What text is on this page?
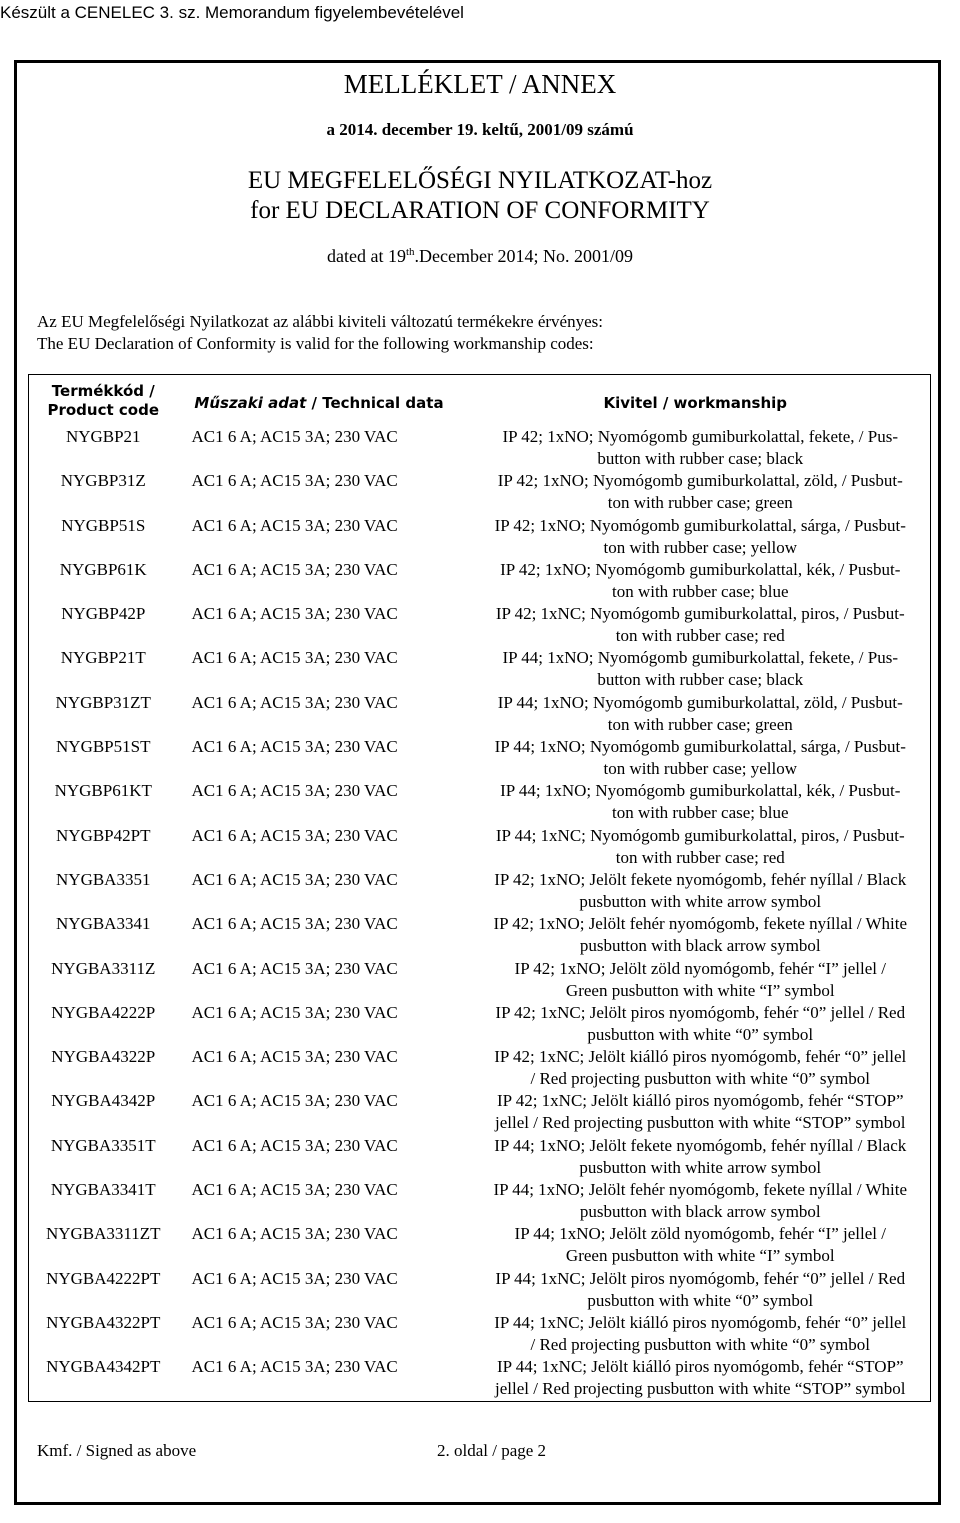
Készült a CENELEC 3. sz. Memorandum figyelembevételével
MELLÉKLET / ANNEX
a 2014. december 19. keltű, 2001/09 számú
EU MEGFELELŐSÉGI NYILATKOZAT-hoz
for EU DECLARATION OF CONFORMITY
dated at 19th.December 2014; No. 2001/09
Az EU Megfelelőségi Nyilatkozat az alábbi kiviteli változatú termékekre érvényes:
The EU Declaration of Conformity is valid for the following workmanship codes:
Termékkód /
Product code	Műszaki adat / Technical data	Kivitel / workmanship
NYGBP21	AC1 6 A; AC15 3A; 230 VAC	IP 42; 1xNO; Nyomógomb gumiburkolattal, fekete, / Pus-
button with rubber case; black

NYGBP31Z	AC1 6 A; AC15 3A; 230 VAC	IP 42; 1xNO; Nyomógomb gumiburkolattal, zöld, / Pusbut-
ton with rubber case; green

NYGBP51S	AC1 6 A; AC15 3A; 230 VAC	IP 42; 1xNO; Nyomógomb gumiburkolattal, sárga, / Pusbut-
ton with rubber case; yellow

NYGBP61K	AC1 6 A; AC15 3A; 230 VAC	IP 42; 1xNO; Nyomógomb gumiburkolattal, kék, / Pusbut-
ton with rubber case; blue

NYGBP42P	AC1 6 A; AC15 3A; 230 VAC	IP 42; 1xNC; Nyomógomb gumiburkolattal, piros, / Pusbut-
ton with rubber case; red

NYGBP21T	AC1 6 A; AC15 3A; 230 VAC	IP 44; 1xNO; Nyomógomb gumiburkolattal, fekete, / Pus-
button with rubber case; black

NYGBP31ZT	AC1 6 A; AC15 3A; 230 VAC	IP 44; 1xNO; Nyomógomb gumiburkolattal, zöld, / Pusbut-
ton with rubber case; green

NYGBP51ST	AC1 6 A; AC15 3A; 230 VAC	IP 44; 1xNO; Nyomógomb gumiburkolattal, sárga, / Pusbut-
ton with rubber case; yellow

NYGBP61KT	AC1 6 A; AC15 3A; 230 VAC	IP 44; 1xNO; Nyomógomb gumiburkolattal, kék, / Pusbut-
ton with rubber case; blue

NYGBP42PT	AC1 6 A; AC15 3A; 230 VAC	IP 44; 1xNC; Nyomógomb gumiburkolattal, piros, / Pusbut-
ton with rubber case; red

NYGBA3351	AC1 6 A; AC15 3A; 230 VAC	IP 42; 1xNO; Jelölt fekete nyomógomb, fehér nyíllal / Black
pusbutton with white arrow symbol

NYGBA3341	AC1 6 A; AC15 3A; 230 VAC	IP 42; 1xNO; Jelölt fehér nyomógomb, fekete nyíllal / White
pusbutton with black arrow symbol

NYGBA3311Z	AC1 6 A; AC15 3A; 230 VAC	IP 42; 1xNO; Jelölt zöld nyomógomb, fehér “I” jellel /
Green pusbutton with white “I” symbol

NYGBA4222P	AC1 6 A; AC15 3A; 230 VAC	IP 42; 1xNC; Jelölt piros nyomógomb, fehér “0” jellel / Red
pusbutton with white “0” symbol

NYGBA4322P	AC1 6 A; AC15 3A; 230 VAC	IP 42; 1xNC; Jelölt kiálló piros nyomógomb, fehér “0” jellel
/ Red projecting pusbutton with white “0” symbol

NYGBA4342P	AC1 6 A; AC15 3A; 230 VAC	IP 42; 1xNC; Jelölt kiálló piros nyomógomb, fehér “STOP”
jellel / Red projecting pusbutton with white “STOP” symbol

NYGBA3351T	AC1 6 A; AC15 3A; 230 VAC	IP 44; 1xNO; Jelölt fekete nyomógomb, fehér nyíllal / Black
pusbutton with white arrow symbol

NYGBA3341T	AC1 6 A; AC15 3A; 230 VAC	IP 44; 1xNO; Jelölt fehér nyomógomb, fekete nyíllal / White
pusbutton with black arrow symbol

NYGBA3311ZT	AC1 6 A; AC15 3A; 230 VAC	IP 44; 1xNO; Jelölt zöld nyomógomb, fehér “I” jellel /
Green pusbutton with white “I” symbol

NYGBA4222PT	AC1 6 A; AC15 3A; 230 VAC	IP 44; 1xNC; Jelölt piros nyomógomb, fehér “0” jellel / Red
pusbutton with white “0” symbol

NYGBA4322PT	AC1 6 A; AC15 3A; 230 VAC	IP 44; 1xNC; Jelölt kiálló piros nyomógomb, fehér “0” jellel
/ Red projecting pusbutton with white “0” symbol

NYGBA4342PT	AC1 6 A; AC15 3A; 230 VAC	IP 44; 1xNC; Jelölt kiálló piros nyomógomb, fehér “STOP”
jellel / Red projecting pusbutton with white “STOP” symbol
Kmf. / Signed as above	2. oldal / page 2
